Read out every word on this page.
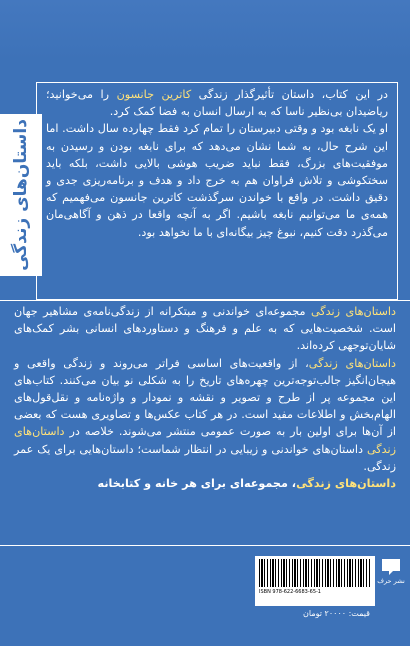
داستان‌های زندگی

در این کتاب، داستان تأثیرگذار زندگی کاترین جانسون را می‌خوانید؛ ریاضیدان بی‌نظیر ناسا که به ارسال انسان به فضا کمک کرد.

او یک نابغه بود و وقتی دبیرستان را تمام کرد فقط چهارده سال داشت. اما این شرح حال، به شما نشان می‌دهد که برای نابغه بودن و رسیدن به موفقیت‌های بزرگ، فقط نباید ضریب هوشی بالایی داشت، بلکه باید سختکوشی و تلاش فراوان هم به خرج داد و هدف و برنامه‌ریزی جدی و دقیق داشت. در واقع با خواندن سرگذشت کاترین جانسون می‌فهمیم که همه‌ی ما می‌توانیم نابغه باشیم. اگر به آنچه واقعا در ذهن و آگاهی‌مان می‌گذرد دقت کنیم، نبوغ چیز بیگانه‌ای با ما نخواهد بود.

داستان‌های زندگی مجموعه‌ای خواندنی و مبتکرانه از زندگی‌نامه‌ی مشاهیر جهان است. شخصیت‌هایی که به علم و فرهنگ و دستاوردهای انسانی بشر کمک‌های شایان‌توجهی کرده‌اند.

داستان‌های زندگی، از واقعیت‌های اساسی فراتر می‌روند و زندگی واقعی و هیجان‌انگیز جالب‌توجه‌ترین چهره‌های تاریخ را به شکلی نو بیان می‌کنند. کتاب‌های این مجموعه پر از طرح و تصویر و نقشه و نمودار و واژه‌نامه و نقل‌قول‌های الهام‌بخش و اطلاعات مفید است. در هر کتاب عکس‌ها و تصاویری هست که بعضی از آن‌ها برای اولین بار به صورت عمومی منتشر می‌شوند. خلاصه در داستان‌های زندگی داستان‌های خواندنی و زیبایی در انتظار شماست؛ داستان‌هایی برای یک عمر زندگی.

داستان‌های زندگی، مجموعه‌ای برای هر خانه و کتابخانه

ISBN 978-622-6683-65-1
نشر حرف
قیمت: ۲۰۰۰۰ تومان
